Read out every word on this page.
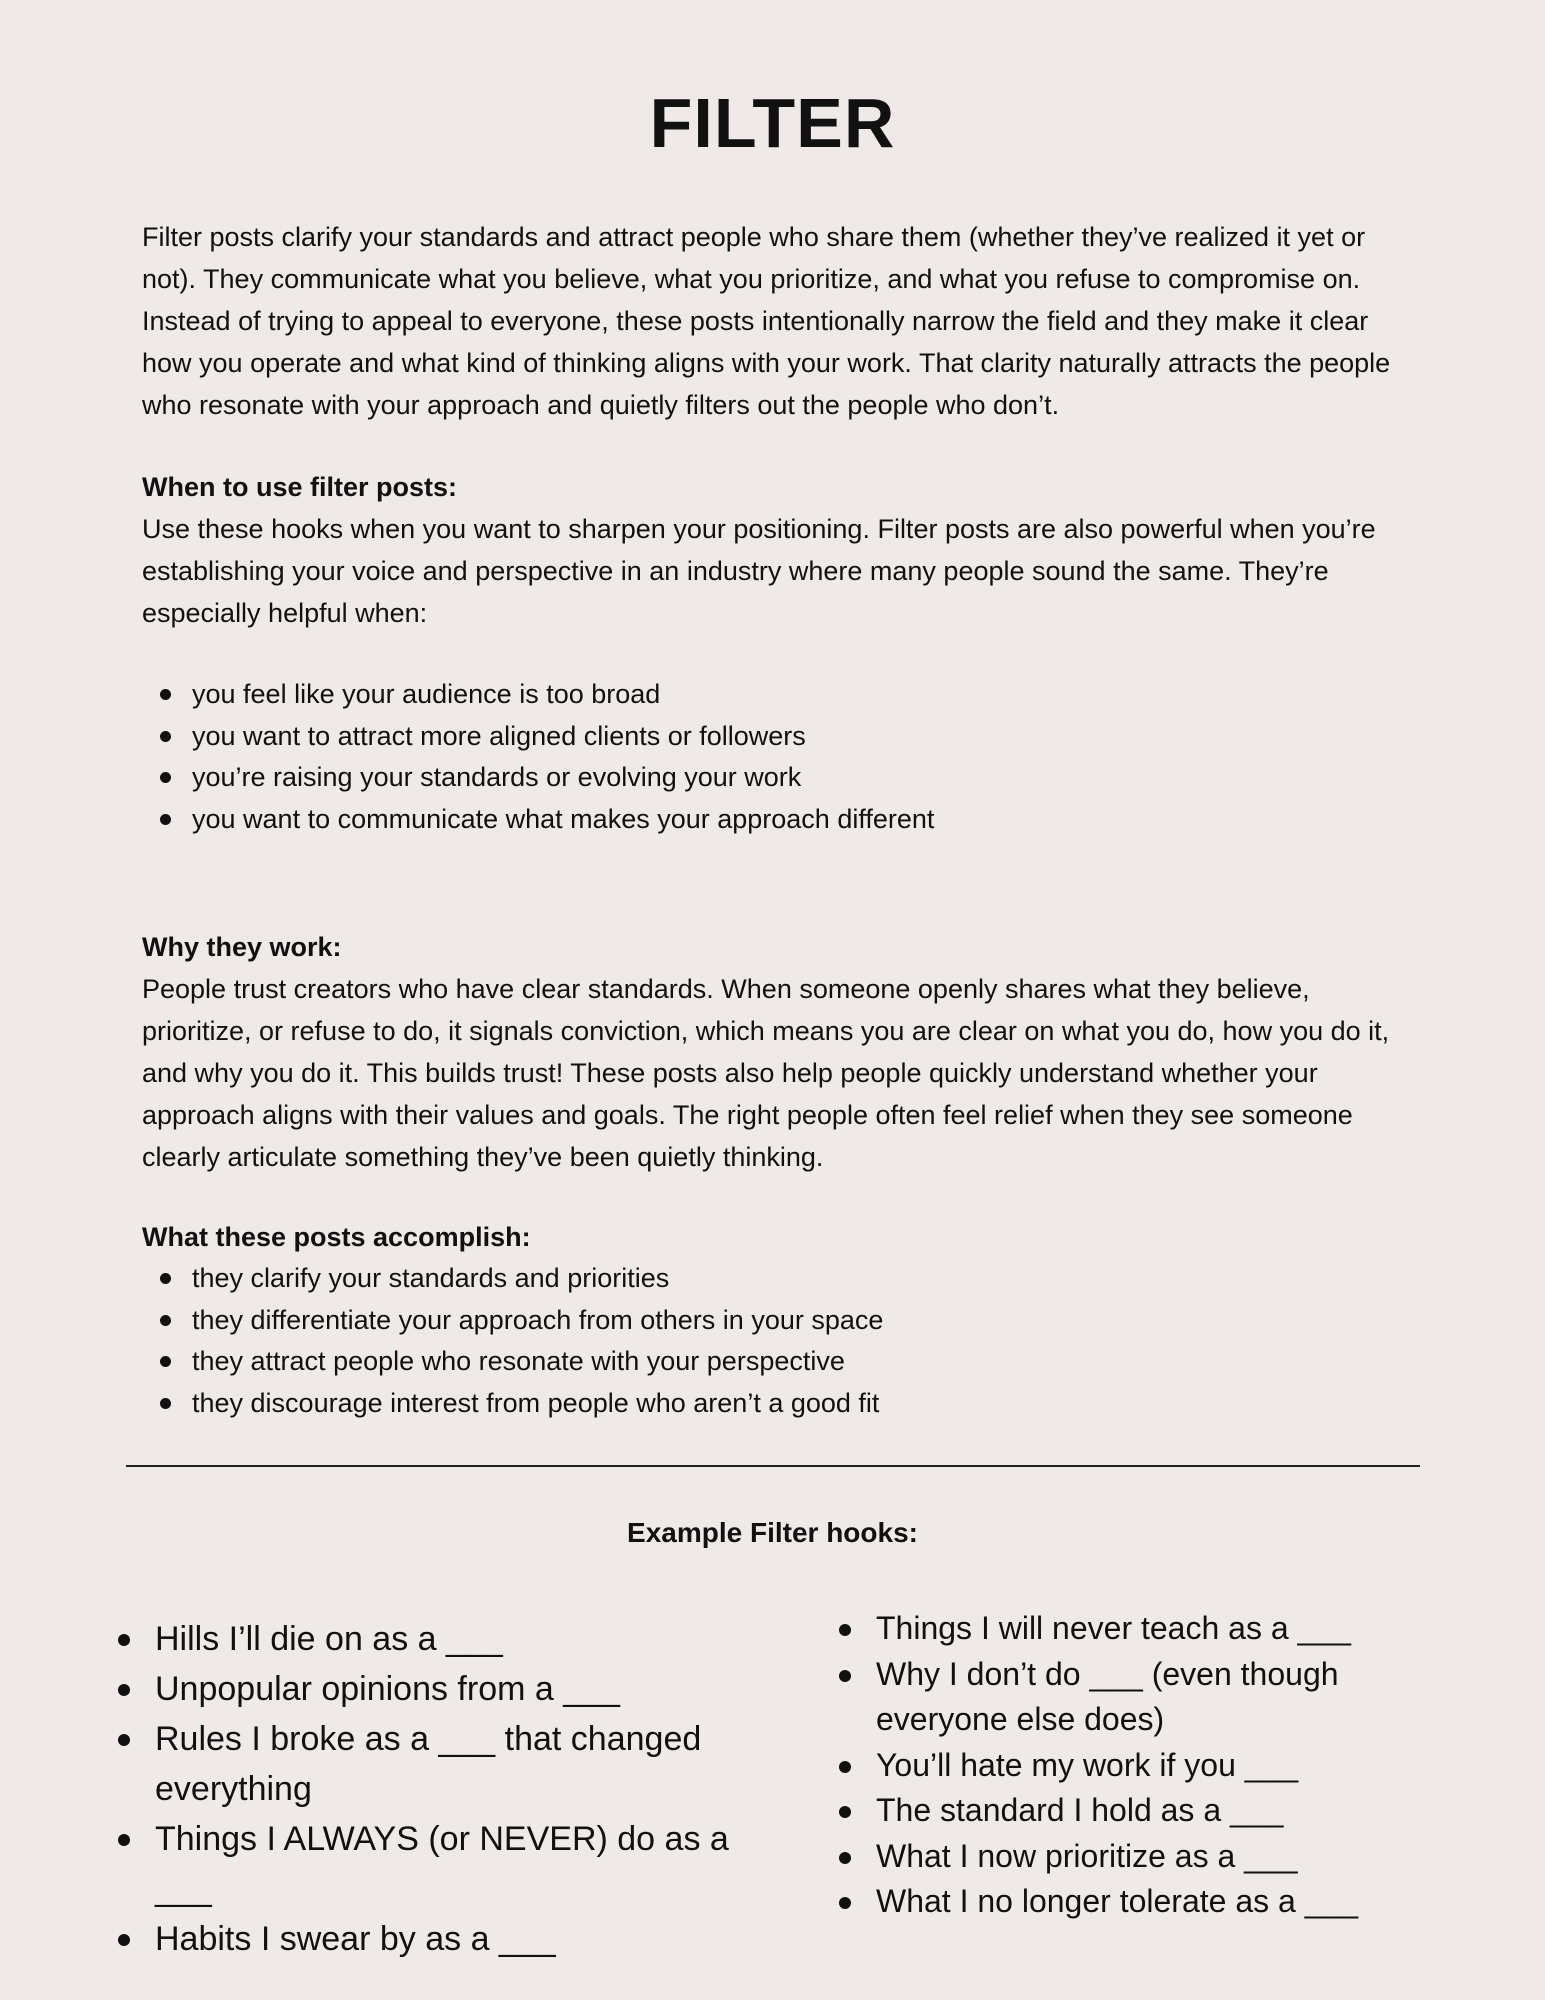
FILTER

Filter posts clarify your standards and attract people who share them (whether they’ve realized it yet or not). They communicate what you believe, what you prioritize, and what you refuse to compromise on. Instead of trying to appeal to everyone, these posts intentionally narrow the field and they make it clear how you operate and what kind of thinking aligns with your work. That clarity naturally attracts the people who resonate with your approach and quietly filters out the people who don’t.

When to use filter posts:

Use these hooks when you want to sharpen your positioning. Filter posts are also powerful when you’re establishing your voice and perspective in an industry where many people sound the same. They’re especially helpful when:

you feel like your audience is too broad
you want to attract more aligned clients or followers
you’re raising your standards or evolving your work
you want to communicate what makes your approach different
Why they work:

People trust creators who have clear standards. When someone openly shares what they believe, prioritize, or refuse to do, it signals conviction, which means you are clear on what you do, how you do it, and why you do it. This builds trust! These posts also help people quickly understand whether your approach aligns with their values and goals. The right people often feel relief when they see someone clearly articulate something they’ve been quietly thinking.

What these posts accomplish:
they clarify your standards and priorities
they differentiate your approach from others in your space
they attract people who resonate with your perspective
they discourage interest from people who aren’t a good fit
Example Filter hooks:
Hills I’ll die on as a ___
Unpopular opinions from a ___
Rules I broke as a ___ that changed everything
Things I ALWAYS (or NEVER) do as a ___
Habits I swear by as a ___
Things I will never teach as a ___
Why I don’t do ___ (even though everyone else does)
You’ll hate my work if you ___
The standard I hold as a ___
What I now prioritize as a ___
What I no longer tolerate as a ___
